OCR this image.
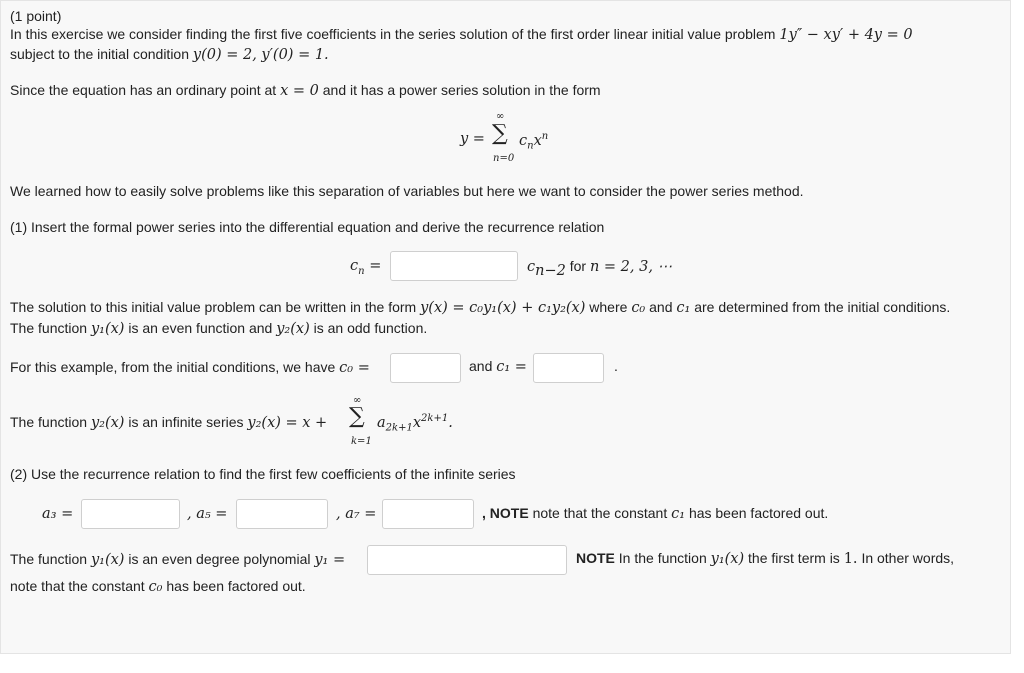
(1 point)
In this exercise we consider finding the first five coefficients in the series solution of the first order linear initial value problem 1y″ − xy′ + 4y = 0
subject to the initial condition y(0) = 2, y′(0) = 1.
Since the equation has an ordinary point at x = 0 and it has a power series solution in the form
y =
∞
∑
n=0
$c_nx^n$
We learned how to easily solve problems like this separation of variables but here we want to consider the power series method.
(1) Insert the formal power series into the differential equation and derive the recurrence relation
$c_n$ =	$c_{n-2}$ for n = 2, 3, ⋯
The solution to this initial value problem can be written in the form y(x) = c₀y₁(x) + c₁y₂(x) where c₀ and c₁ are determined from the initial conditions.
The function y₁(x) is an even function and y₂(x) is an odd function.
For this example, from the initial conditions, we have c₀ =	and c₁ =	.
The function y₂(x) is an infinite series y₂(x) = x +
∞
∑
k=1
$a_{2k+1}x^{2k+1}$.
(2) Use the recurrence relation to find the first few coefficients of the infinite series
a₃ =	, a₅ =	, a₇ =	, NOTE note that the constant c₁ has been factored out.
The function y₁(x) is an even degree polynomial y₁ =	NOTE In the function y₁(x) the first term is 1. In other words,
note that the constant c₀ has been factored out.
